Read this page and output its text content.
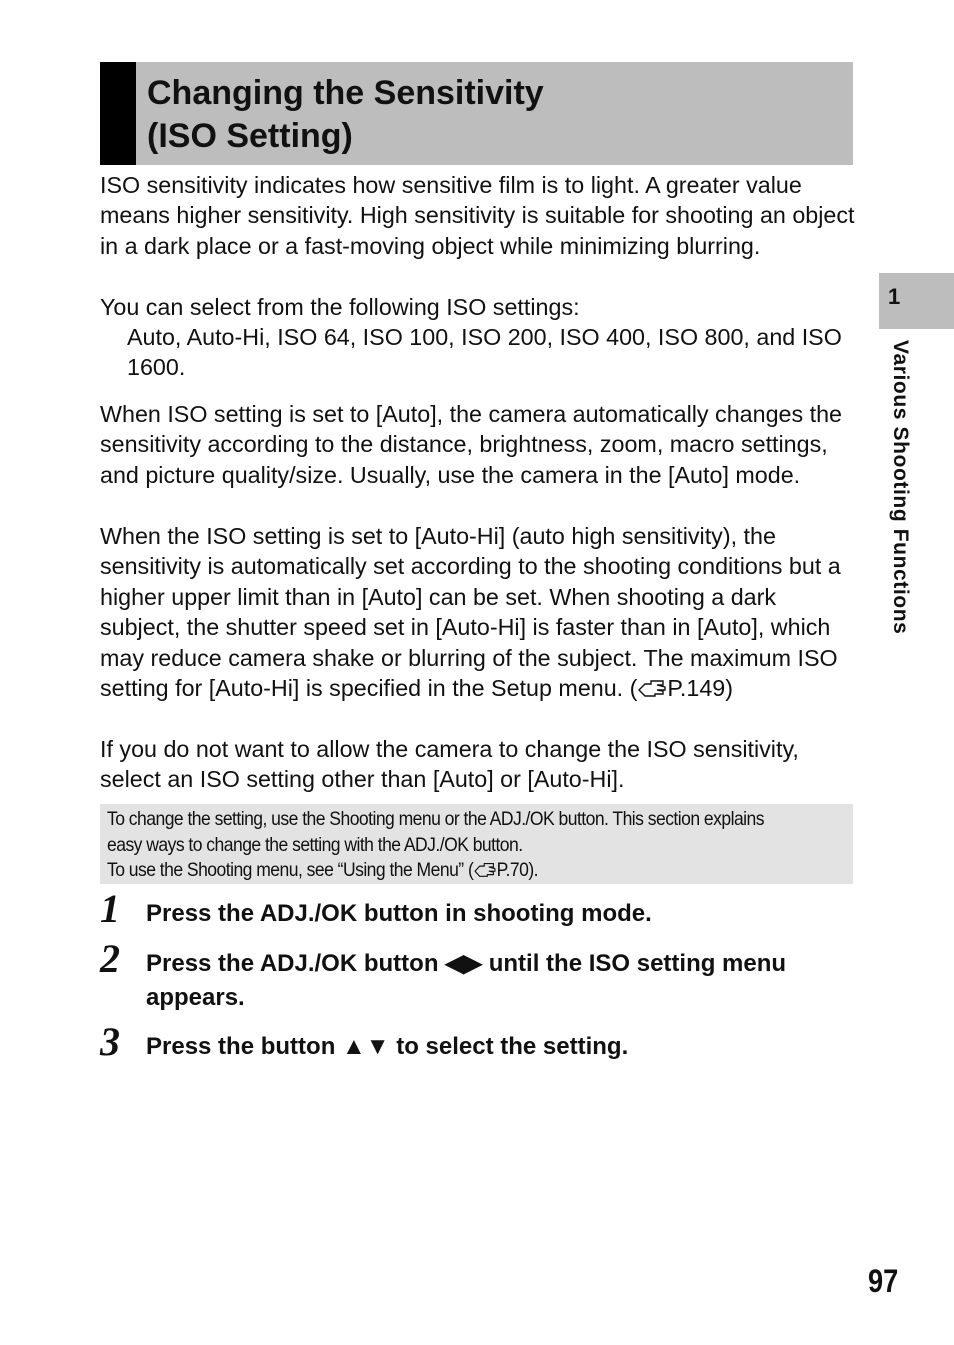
Changing the Sensitivity
(ISO Setting)

ISO sensitivity indicates how sensitive film is to light. A greater value means higher sensitivity. High sensitivity is suitable for shooting an object in a dark place or a fast-moving object while minimizing blurring.

You can select from the following ISO settings:

Auto, Auto-Hi, ISO 64, ISO 100, ISO 200, ISO 400, ISO 800, and ISO 1600.

When ISO setting is set to [Auto], the camera automatically changes the sensitivity according to the distance, brightness, zoom, macro settings, and picture quality/size. Usually, use the camera in the [Auto] mode.

When the ISO setting is set to [Auto-Hi] (auto high sensitivity), the sensitivity is automatically set according to the shooting conditions but a higher upper limit than in [Auto] can be set. When shooting a dark subject, the shutter speed set in [Auto-Hi] is faster than in [Auto], which may reduce camera shake or blurring of the subject. The maximum ISO setting for [Auto-Hi] is specified in the Setup menu. ( P.149)

If you do not want to allow the camera to change the ISO sensitivity, select an ISO setting other than [Auto] or [Auto-Hi].

To change the setting, use the Shooting menu or the ADJ./OK button. This section explains
easy ways to change the setting with the ADJ./OK button.
To use the Shooting menu, see “Using the Menu” ( P.70).

1 Press the ADJ./OK button in shooting mode.

2 Press the ADJ./OK button ◀▶ until the ISO setting menu appears.

3 Press the button ▲▼ to select the setting.

1
Various Shooting Functions
97
